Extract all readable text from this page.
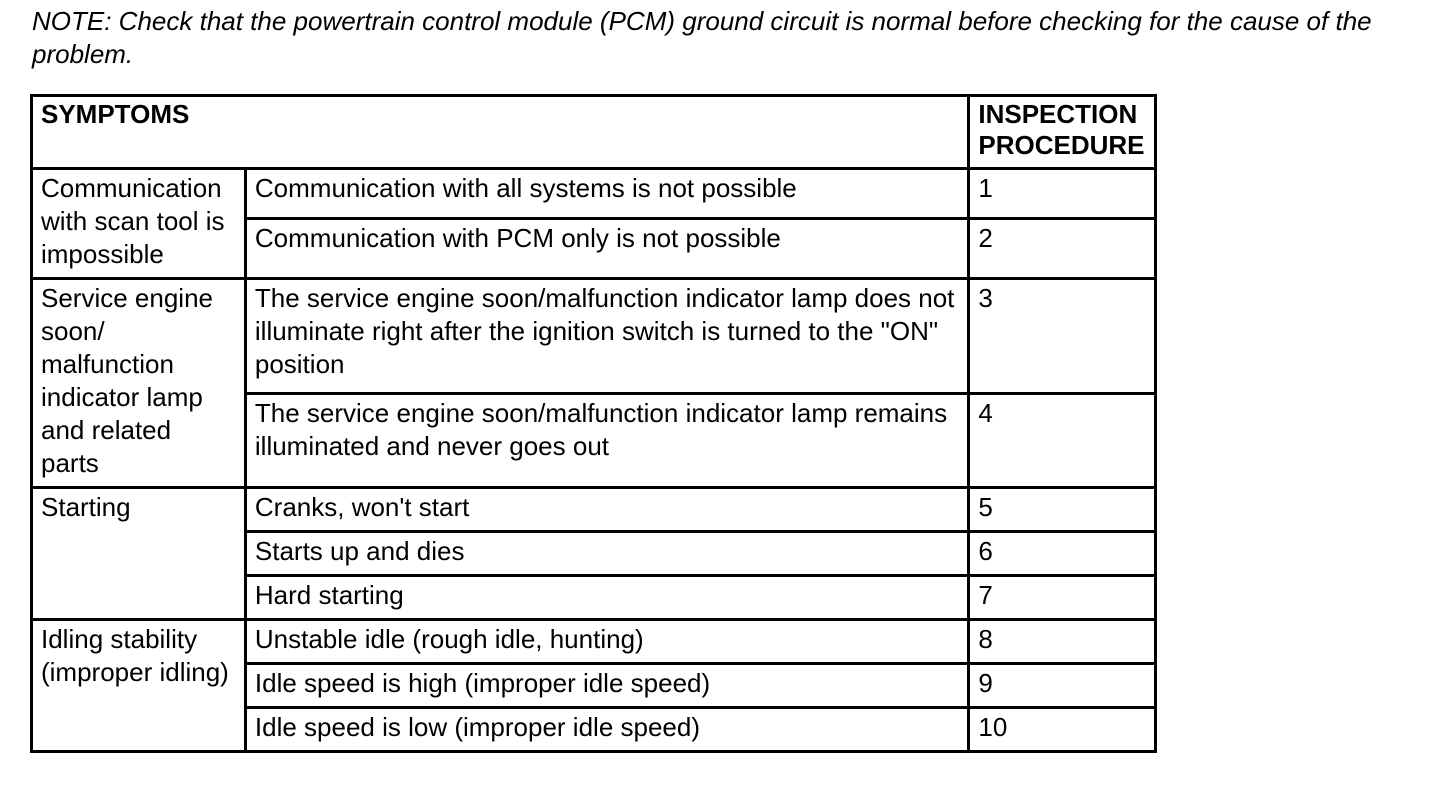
NOTE: Check that the powertrain control module (PCM) ground circuit is normal before checking for the cause of the problem.

SYMPTOMS		INSPECTION PROCEDURE
Communication with scan tool is impossible	Communication with all systems is not possible	1
	Communication with PCM only is not possible	2
Service engine soon/ malfunction indicator lamp and related parts	The service engine soon/malfunction indicator lamp does not illuminate right after the ignition switch is turned to the "ON" position	3
	The service engine soon/malfunction indicator lamp remains illuminated and never goes out	4
Starting	Cranks, won't start	5
	Starts up and dies	6
	Hard starting	7
Idling stability (improper idling)	Unstable idle (rough idle, hunting)	8
	Idle speed is high (improper idle speed)	9
	Idle speed is low (improper idle speed)	10
